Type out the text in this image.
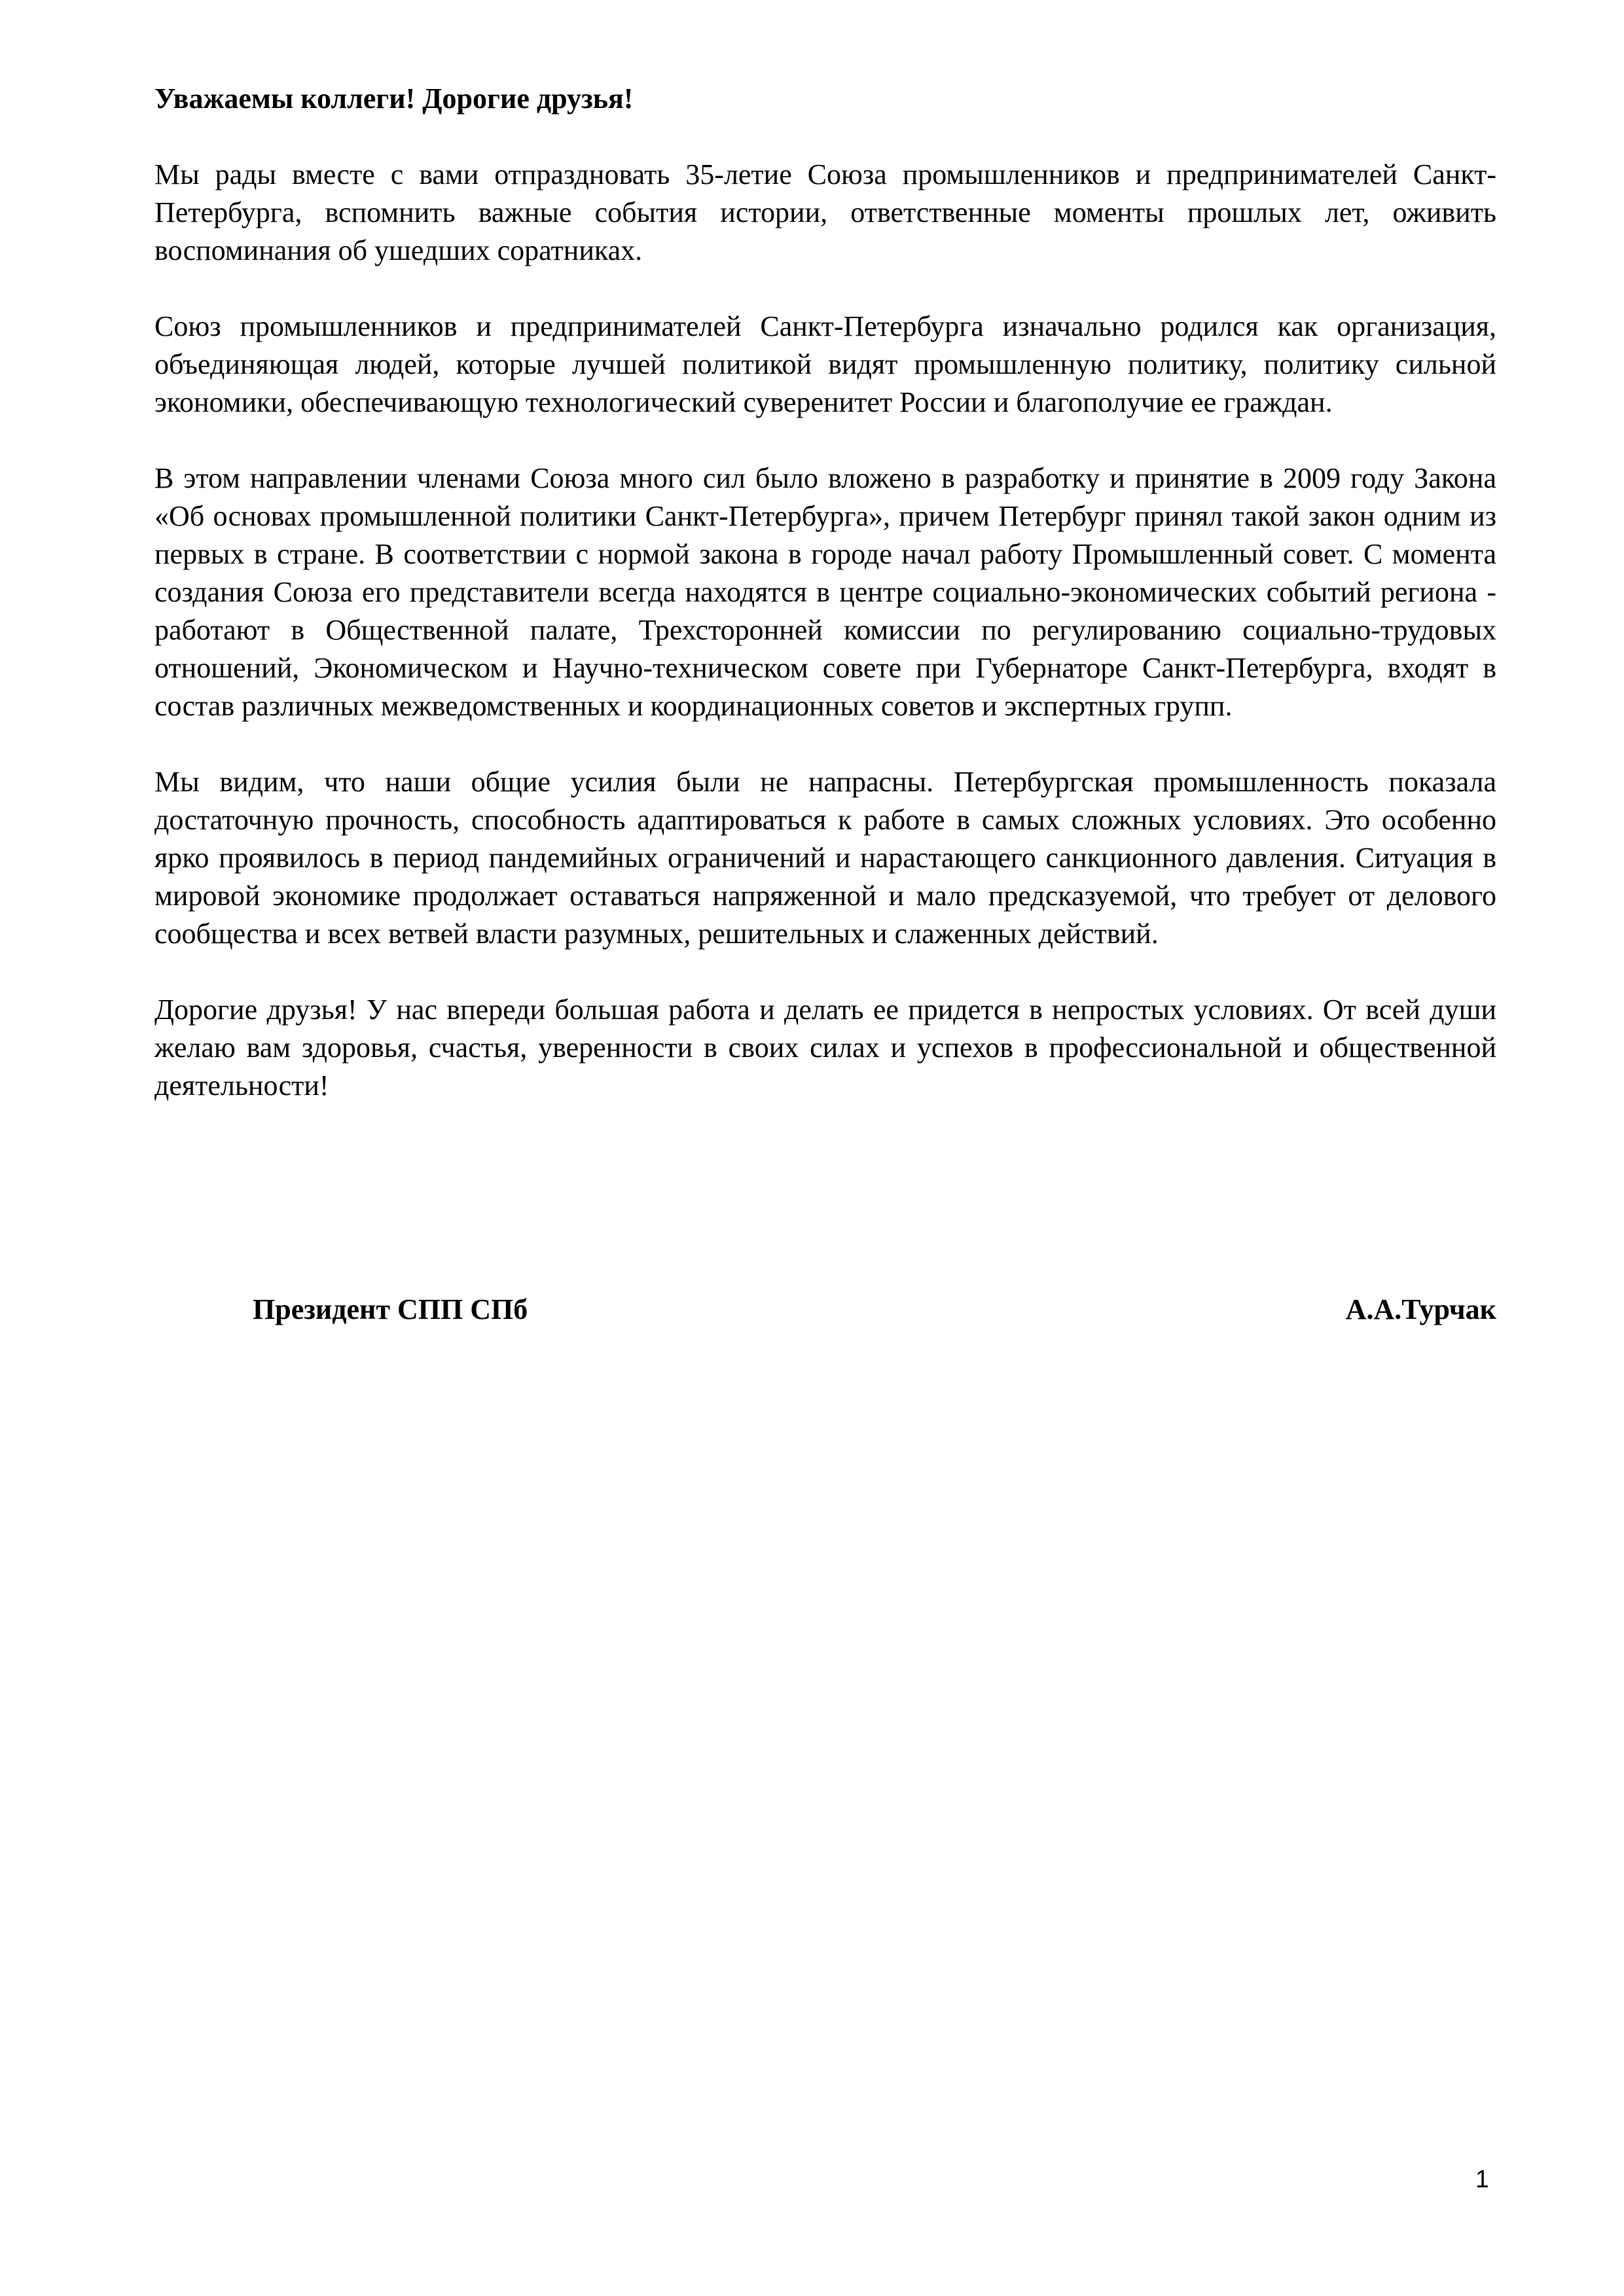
Уважаемы коллеги! Дорогие друзья!

Мы рады вместе с вами отпраздновать 35-летие Союза промышленников и предпринимателей Санкт-Петербурга, вспомнить важные события истории, ответственные моменты прошлых лет, оживить воспоминания об ушедших соратниках.

Союз промышленников и предпринимателей Санкт-Петербурга изначально родился как организация, объединяющая людей, которые лучшей политикой видят промышленную политику, политику сильной экономики, обеспечивающую технологический суверенитет России и благополучие ее граждан.

В этом направлении членами Союза много сил было вложено в разработку и принятие в 2009 году Закона «Об основах промышленной политики Санкт-Петербурга», причем Петербург принял такой закон одним из первых в стране. В соответствии с нормой закона в городе начал работу Промышленный совет. С момента создания Союза его представители всегда находятся в центре социально-экономических событий региона - работают в Общественной палате, Трехсторонней комиссии по регулированию социально-трудовых отношений, Экономическом и Научно-техническом совете при Губернаторе Санкт-Петербурга, входят в состав различных межведомственных и координационных советов и экспертных групп.

Мы видим, что наши общие усилия были не напрасны. Петербургская промышленность показала достаточную прочность, способность адаптироваться к работе в самых сложных условиях. Это особенно ярко проявилось в период пандемийных ограничений и нарастающего санкционного давления. Ситуация в мировой экономике продолжает оставаться напряженной и мало предсказуемой, что требует от делового сообщества и всех ветвей власти разумных, решительных и слаженных действий.

Дорогие друзья! У нас впереди большая работа и делать ее придется в непростых условиях. От всей души желаю вам здоровья, счастья, уверенности в своих силах и успехов в профессиональной и общественной деятельности!

Президент СПП СПб	А.А.Турчак
1
